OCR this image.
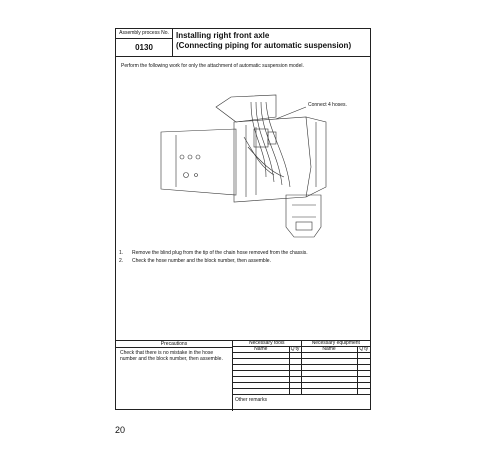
Assembly process No.
0130
Installing right front axle
(Connecting piping for automatic suspension)
Perform the following work for only the attachment of automatic suspension model.
Connect 4 hoses.
1. Remove the blind plug from the tip of the chain hose removed from the chassis.
2. Check the hose number and the block number, then assemble.
Precautions
Check that there is no mistake in the hose number and the block number, then assemble.
Necessary tools		Necessary equipment	
Name	Q'ty	Name	Q'ty

Other remarks
20
